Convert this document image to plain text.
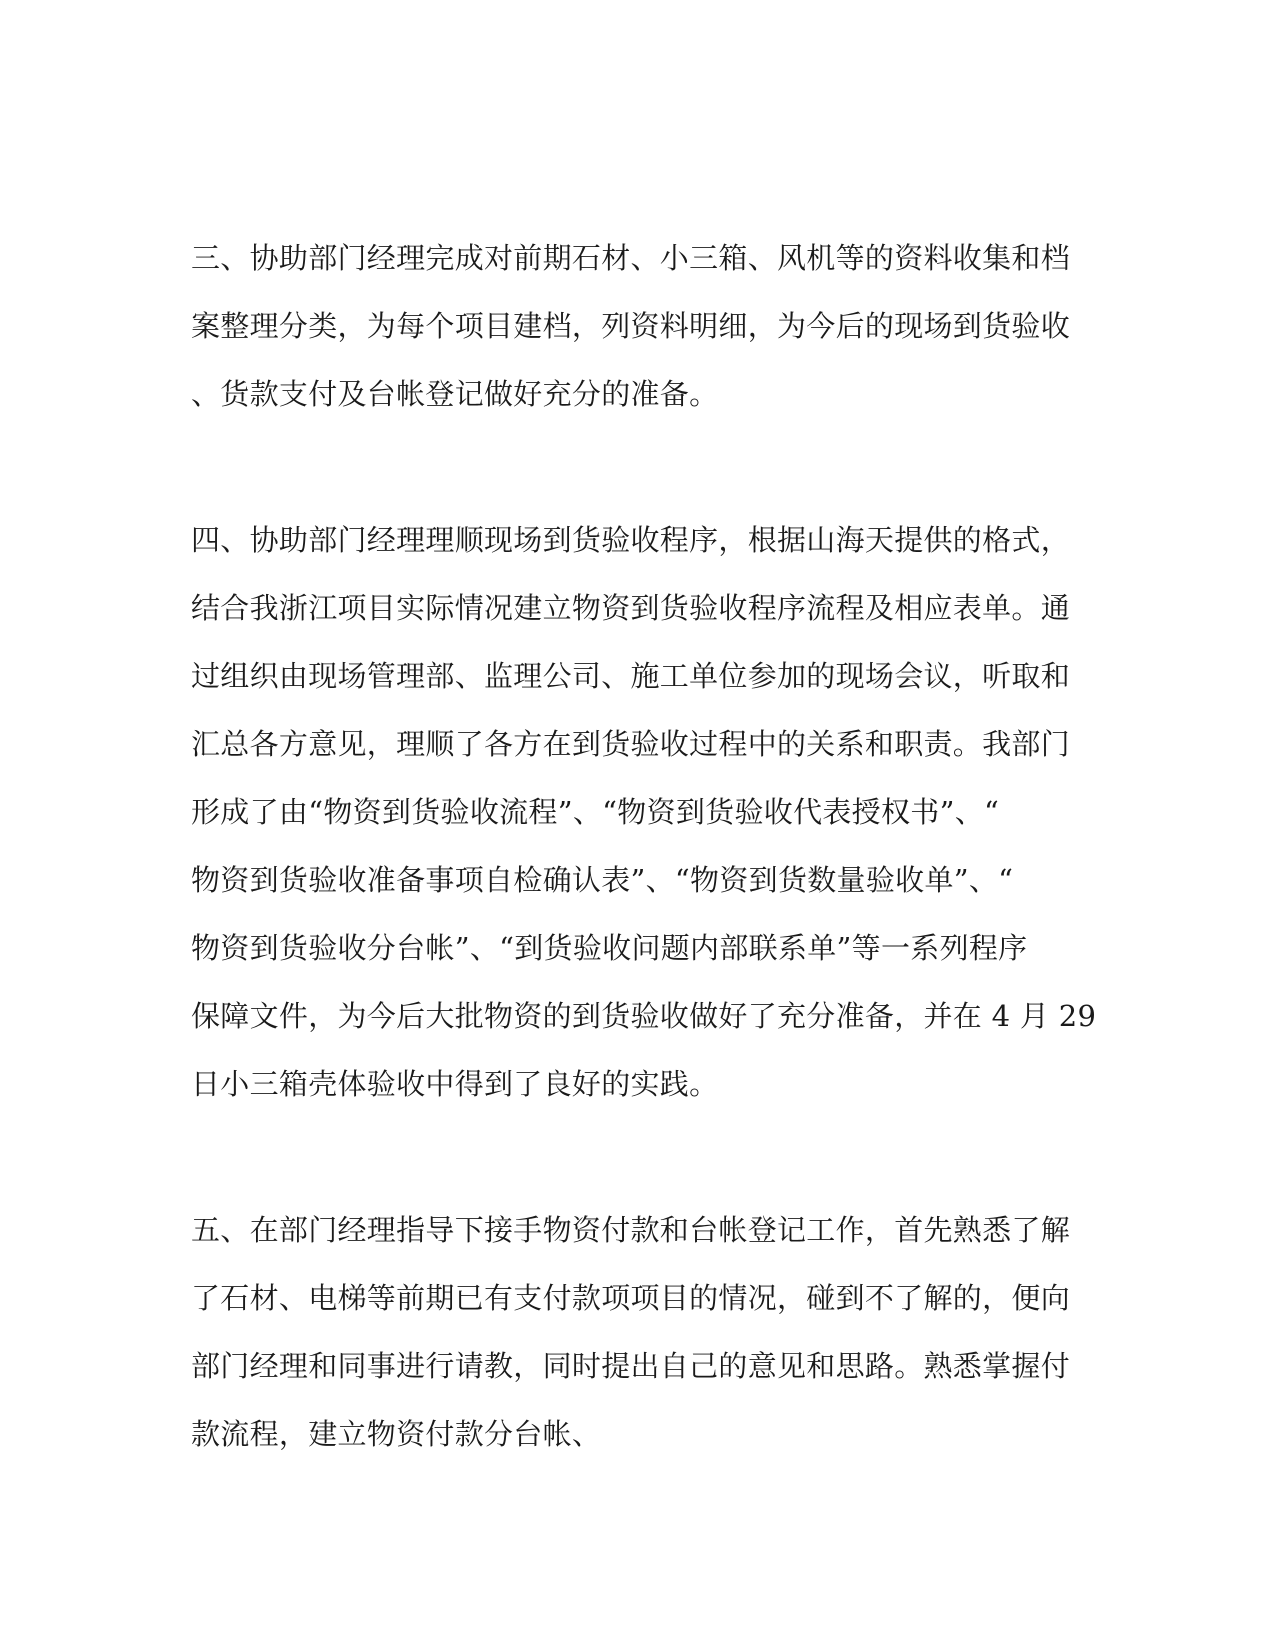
三、协助部门经理完成对前期石材、小三箱、风机等的资料收集和档
案整理分类，为每个项目建档，列资料明细，为今后的现场到货验收
、货款支付及台帐登记做好充分的准备。
四、协助部门经理理顺现场到货验收程序，根据山海天提供的格式，
结合我浙江项目实际情况建立物资到货验收程序流程及相应表单。通
过组织由现场管理部、监理公司、施工单位参加的现场会议，听取和
汇总各方意见，理顺了各方在到货验收过程中的关系和职责。我部门
形成了由“物资到货验收流程”、“物资到货验收代表授权书”、“
物资到货验收准备事项自检确认表”、“物资到货数量验收单”、“
物资到货验收分台帐”、“到货验收问题内部联系单”等一系列程序
保障文件，为今后大批物资的到货验收做好了充分准备，并在 4 月 29
日小三箱壳体验收中得到了良好的实践。
五、在部门经理指导下接手物资付款和台帐登记工作，首先熟悉了解
了石材、电梯等前期已有支付款项项目的情况，碰到不了解的，便向
部门经理和同事进行请教，同时提出自己的意见和思路。熟悉掌握付
款流程，建立物资付款分台帐、
